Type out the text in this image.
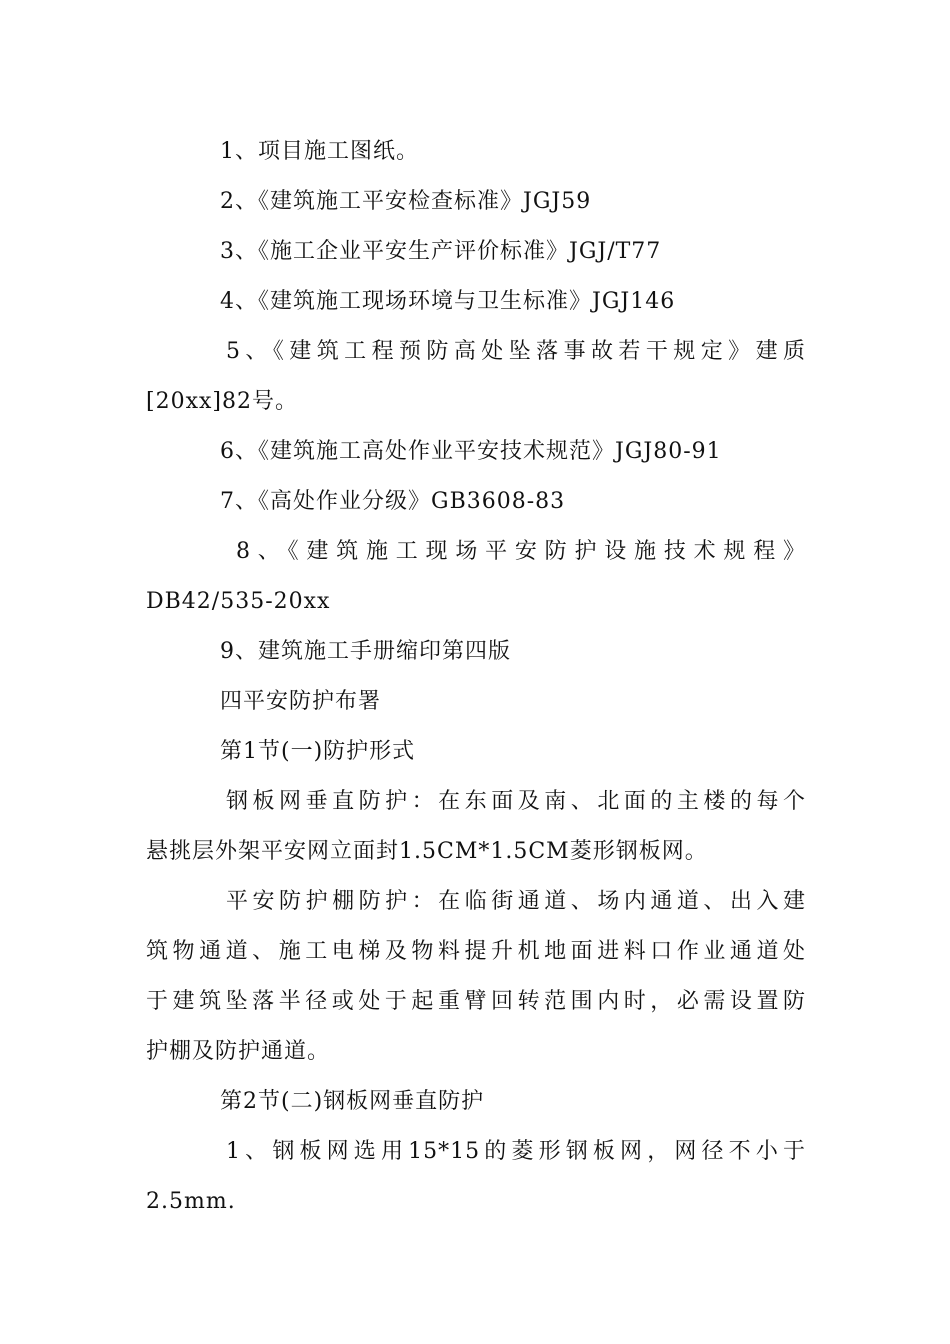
1、项目施工图纸。
2、《建筑施工平安检查标准》JGJ59
3、《施工企业平安生产评价标准》JGJ/T77
4、《建筑施工现场环境与卫生标准》JGJ146
5、《建筑工程预防高处坠落事故若干规定》建质
[20xx]82号。
6、《建筑施工高处作业平安技术规范》JGJ80-91
7、《高处作业分级》GB3608-83
8、《建筑施工现场平安防护设施技术规程》
DB42/535-20xx
9、建筑施工手册缩印第四版
四平安防护布署
第1节(一)防护形式
钢板网垂直防护：在东面及南、北面的主楼的每个
悬挑层外架平安网立面封1.5CM*1.5CM菱形钢板网。
平安防护棚防护：在临街通道、场内通道、出入建
筑物通道、施工电梯及物料提升机地面进料口作业通道处
于建筑坠落半径或处于起重臂回转范围内时，必需设置防
护棚及防护通道。
第2节(二)钢板网垂直防护
1、钢板网选用15*15的菱形钢板网，网径不小于
2.5mm.
